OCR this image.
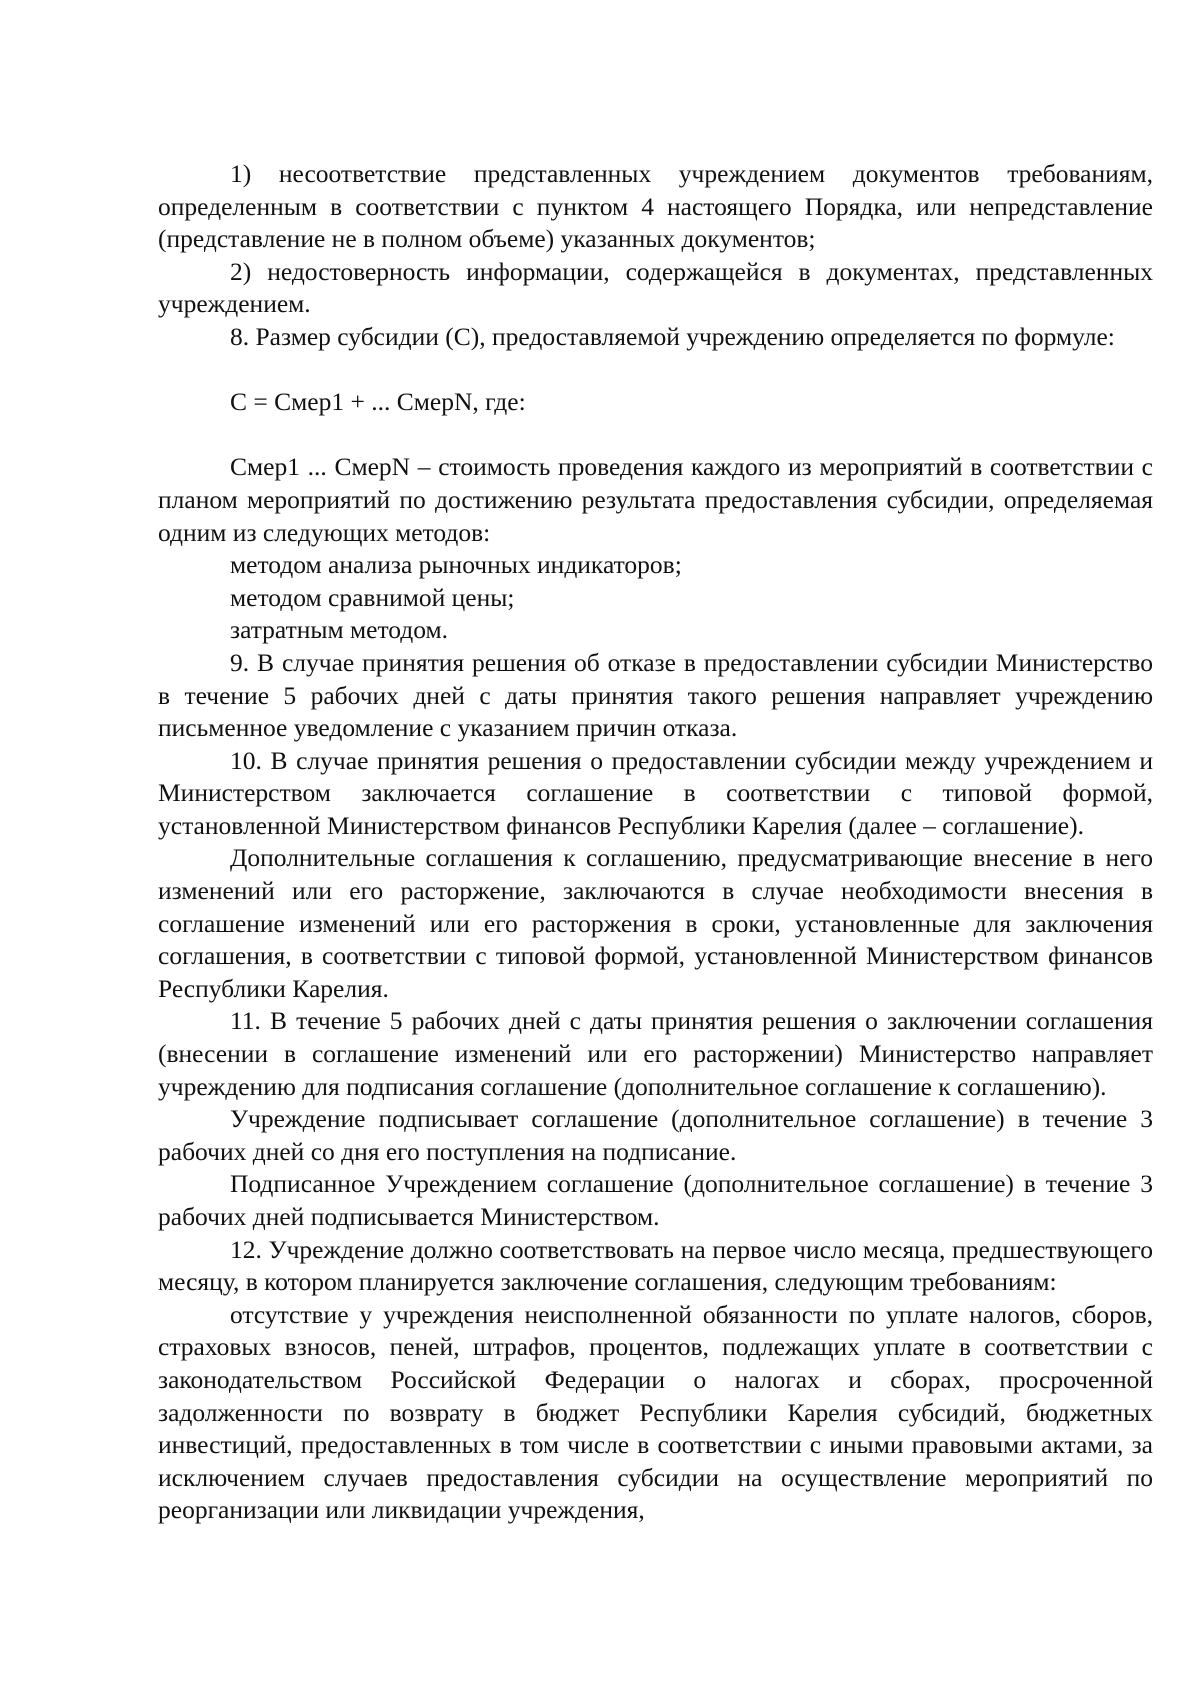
1) несоответствие представленных учреждением документов требованиям, определенным в соответствии с пунктом 4 настоящего Порядка, или непредставление (представление не в полном объеме) указанных документов;

2) недостоверность информации, содержащейся в документах, представленных учреждением.

8. Размер субсидии (С), предоставляемой учреждению определяется по формуле:

С = Смер1 + ... СмерN, где:

Смер1 ... СмерN – стоимость проведения каждого из мероприятий в соответствии с планом мероприятий по достижению результата предоставления субсидии, определяемая одним из следующих методов:

методом анализа рыночных индикаторов;

методом сравнимой цены;

затратным методом.

9. В случае принятия решения об отказе в предоставлении субсидии Министерство в течение 5 рабочих дней с даты принятия такого решения направляет учреждению письменное уведомление с указанием причин отказа.

10. В случае принятия решения о предоставлении субсидии между учреждением и Министерством заключается соглашение в соответствии с типовой формой, установленной Министерством финансов Республики Карелия (далее – соглашение).

Дополнительные соглашения к соглашению, предусматривающие внесение в него изменений или его расторжение, заключаются в случае необходимости внесения в соглашение изменений или его расторжения в сроки, установленные для заключения соглашения, в соответствии с типовой формой, установленной Министерством финансов Республики Карелия.

11. В течение 5 рабочих дней с даты принятия решения о заключении соглашения (внесении в соглашение изменений или его расторжении) Министерство направляет учреждению для подписания соглашение (дополнительное соглашение к соглашению).

Учреждение подписывает соглашение (дополнительное соглашение) в течение 3 рабочих дней со дня его поступления на подписание.

Подписанное Учреждением соглашение (дополнительное соглашение) в течение 3 рабочих дней подписывается Министерством.

12. Учреждение должно соответствовать на первое число месяца, предшествующего месяцу, в котором планируется заключение соглашения, следующим требованиям:

отсутствие у учреждения неисполненной обязанности по уплате налогов, сборов, страховых взносов, пеней, штрафов, процентов, подлежащих уплате в соответствии с законодательством Российской Федерации о налогах и сборах, просроченной задолженности по возврату в бюджет Республики Карелия субсидий, бюджетных инвестиций, предоставленных в том числе в соответствии с иными правовыми актами, за исключением случаев предоставления субсидии на осуществление мероприятий по реорганизации или ликвидации учреждения,
